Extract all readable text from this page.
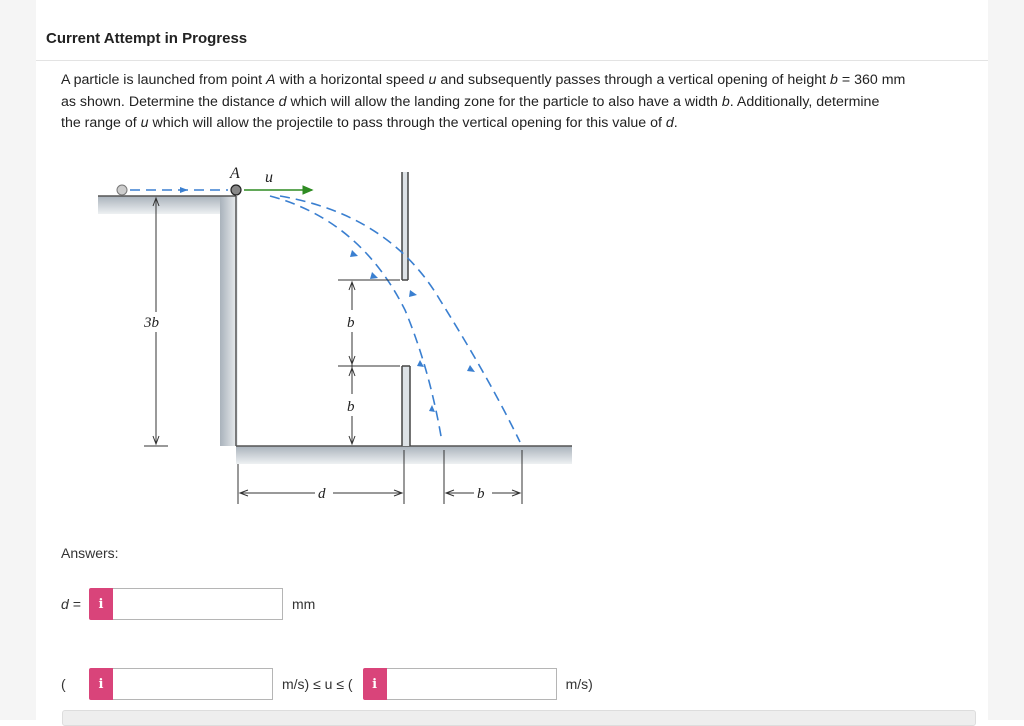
Current Attempt in Progress
A particle is launched from point A with a horizontal speed u and subsequently passes through a vertical opening of height b = 360 mm
as shown. Determine the distance d which will allow the landing zone for the particle to also have a width b. Additionally, determine
the range of u which will allow the projectile to pass through the vertical opening for this value of d.
A u
3b	b
b
d	b
Answers:
d =	i	mm
(	i	m/s) ≤ u ≤ (	i	m/s)
